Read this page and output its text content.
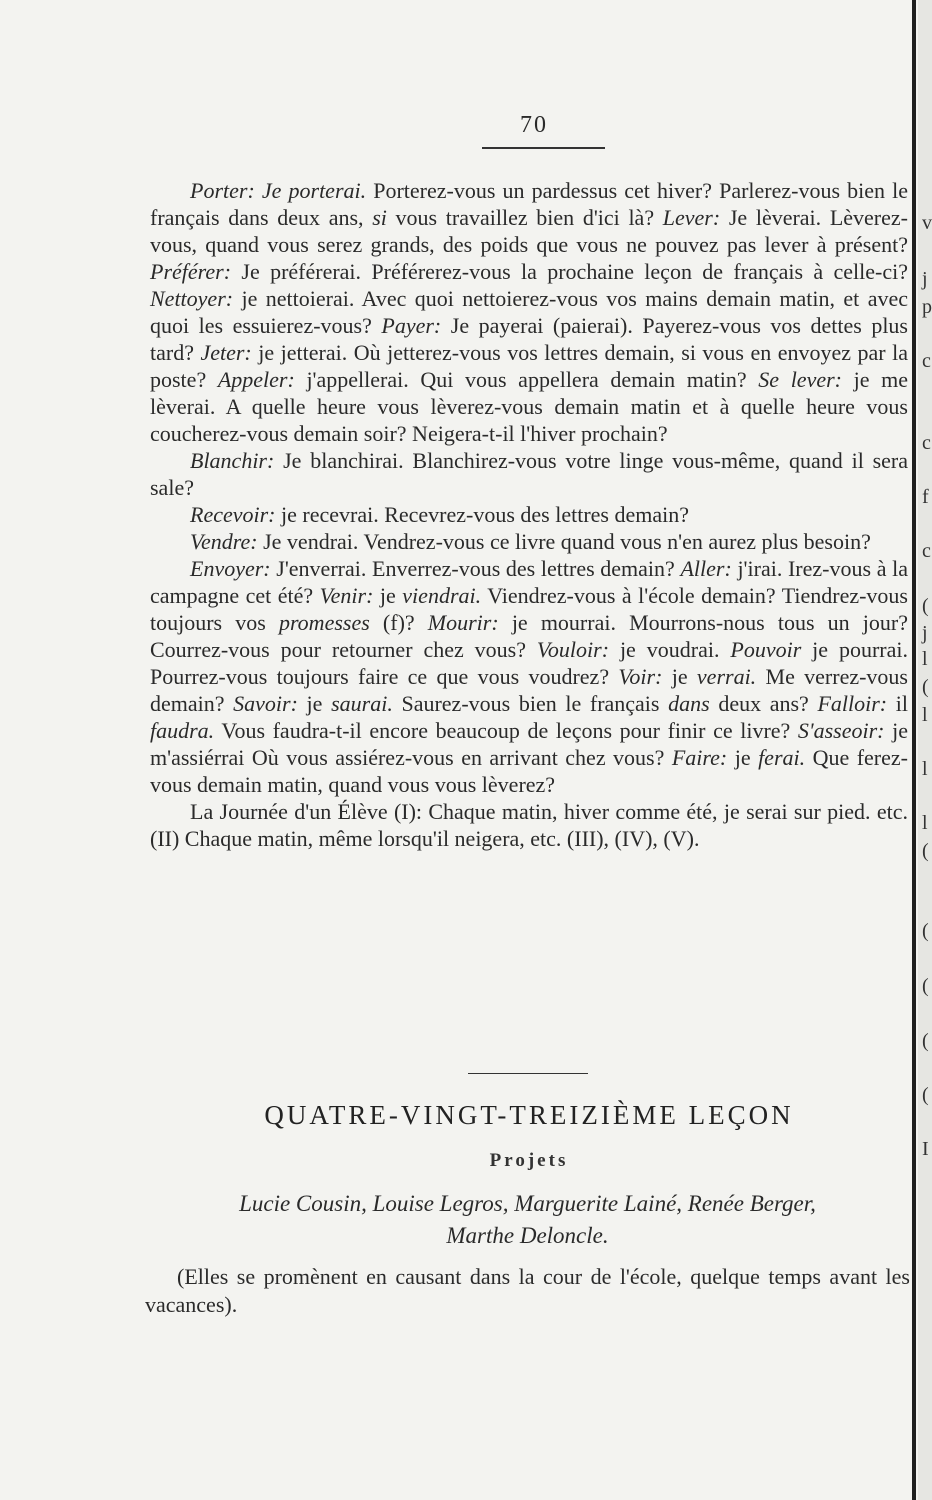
v
j
p
c
c
f
c
(
j
l
(
l
l
l
(
(
(
(
(
I
70

Porter: Je porterai. Porterez-vous un pardessus cet hiver? Parlerez-vous bien le français dans deux ans, si vous travaillez bien d'ici là? Lever: Je lèverai. Lèverez-vous, quand vous serez grands, des poids que vous ne pouvez pas lever à présent? Préférer: Je préférerai. Préférerez-vous la prochaine leçon de français à celle-ci? Nettoyer: je nettoierai. Avec quoi nettoierez-vous vos mains demain matin, et avec quoi les essuierez-vous? Payer: Je payerai (paierai). Payerez-vous vos dettes plus tard? Jeter: je jetterai. Où jetterez-vous vos lettres demain, si vous en envoyez par la poste? Appeler: j'appellerai. Qui vous appellera demain matin? Se lever: je me lèverai. A quelle heure vous lèverez-vous demain matin et à quelle heure vous coucherez-vous demain soir? Neigera-t-il l'hiver prochain?

Blanchir: Je blanchirai. Blanchirez-vous votre linge vous-même, quand il sera sale?

Recevoir: je recevrai. Recevrez-vous des lettres demain?

Vendre: Je vendrai. Vendrez-vous ce livre quand vous n'en aurez plus besoin?

Envoyer: J'enverrai. Enverrez-vous des lettres demain? Aller: j'irai. Irez-vous à la campagne cet été? Venir: je viendrai. Viendrez-vous à l'école demain? Tiendrez-vous toujours vos promesses (f)? Mourir: je mourrai. Mourrons-nous tous un jour? Courrez-vous pour retourner chez vous? Vouloir: je voudrai. Pouvoir je pourrai. Pourrez-vous toujours faire ce que vous voudrez? Voir: je verrai. Me verrez-vous demain? Savoir: je saurai. Saurez-vous bien le français dans deux ans? Falloir: il faudra. Vous faudra-t-il encore beaucoup de leçons pour finir ce livre? S'asseoir: je m'assiérrai Où vous assiérez-vous en arrivant chez vous? Faire: je ferai. Que ferez-vous demain matin, quand vous vous lèverez?

La Journée d'un Élève (I): Chaque matin, hiver comme été, je serai sur pied. etc. (II) Chaque matin, même lorsqu'il neigera, etc. (III), (IV), (V).

QUATRE-VINGT-TREIZIÈME LEÇON
Projets
Lucie Cousin, Louise Legros, Marguerite Lainé, Renée Berger,
Marthe Deloncle.

(Elles se promènent en causant dans la cour de l'école, quelque temps avant les vacances).
